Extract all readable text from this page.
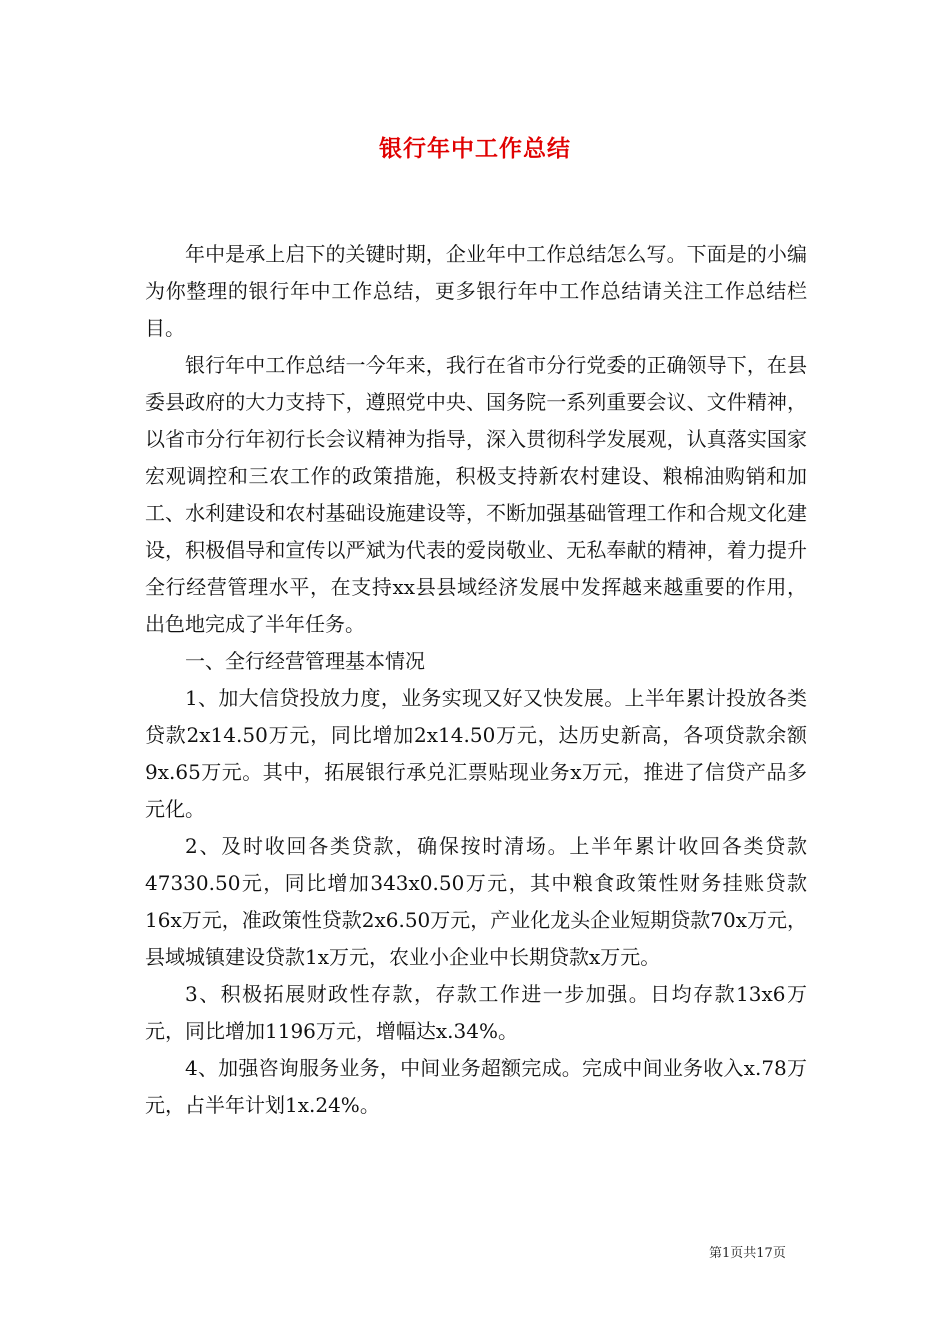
银行年中工作总结

年中是承上启下的关键时期，企业年中工作总结怎么写。下面是的小编为你整理的银行年中工作总结，更多银行年中工作总结请关注工作总结栏目。

银行年中工作总结一今年来，我行在省市分行党委的正确领导下，在县委县政府的大力支持下，遵照党中央、国务院一系列重要会议、文件精神，以省市分行年初行长会议精神为指导，深入贯彻科学发展观，认真落实国家宏观调控和三农工作的政策措施，积极支持新农村建设、粮棉油购销和加工、水利建设和农村基础设施建设等，不断加强基础管理工作和合规文化建设，积极倡导和宣传以严斌为代表的爱岗敬业、无私奉献的精神，着力提升全行经营管理水平，在支持xx县县域经济发展中发挥越来越重要的作用，出色地完成了半年任务。

一、全行经营管理基本情况

1、加大信贷投放力度，业务实现又好又快发展。上半年累计投放各类贷款2x14.50万元，同比增加2x14.50万元，达历史新高，各项贷款余额9x.65万元。其中，拓展银行承兑汇票贴现业务x万元，推进了信贷产品多元化。

2、及时收回各类贷款，确保按时清场。上半年累计收回各类贷款47330.50元，同比增加343x0.50万元，其中粮食政策性财务挂账贷款16x万元，准政策性贷款2x6.50万元，产业化龙头企业短期贷款70x万元，县域城镇建设贷款1x万元，农业小企业中长期贷款x万元。

3、积极拓展财政性存款，存款工作进一步加强。日均存款13x6万元，同比增加1196万元，增幅达x.34%。

4、加强咨询服务业务，中间业务超额完成。完成中间业务收入x.78万元，占半年计划1x.24%。

第1页共17页
